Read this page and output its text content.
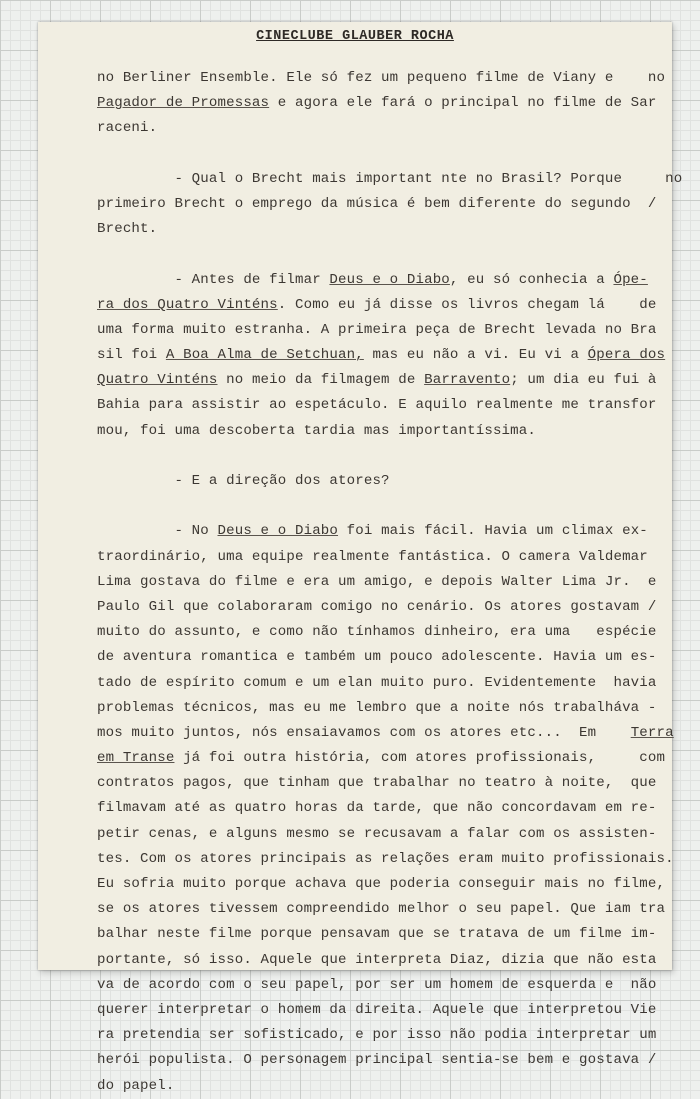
CINECLUBE GLAUBER ROCHA
no Berliner Ensemble. Ele só fez um pequeno filme de Viany e    no
Pagador de Promessas e agora ele fará o principal no filme de Sar
raceni.
- Qual o Brecht mais important nte no Brasil? Porque     no
primeiro Brecht o emprego da música é bem diferente do segundo  /
Brecht.
- Antes de filmar Deus e o Diabo, eu só conhecia a Ópe-
ra dos Quatro Vinténs. Como eu já disse os livros chegam lá    de
uma forma muito estranha. A primeira peça de Brecht levada no Bra
sil foi A Boa Alma de Setchuan, mas eu não a vi. Eu vi a Ópera dos
Quatro Vinténs no meio da filmagem de Barravento; um dia eu fui à
Bahia para assistir ao espetáculo. E aquilo realmente me transfor
mou, foi uma descoberta tardia mas importantíssima.
- E a direção dos atores?
- No Deus e o Diabo foi mais fácil. Havia um climax ex-
traordinário, uma equipe realmente fantástica. O camera Valdemar
Lima gostava do filme e era um amigo, e depois Walter Lima Jr.  e
Paulo Gil que colaboraram comigo no cenário. Os atores gostavam /
muito do assunto, e como não tínhamos dinheiro, era uma   espécie
de aventura romantica e também um pouco adolescente. Havia um es-
tado de espírito comum e um elan muito puro. Evidentemente  havia
problemas técnicos, mas eu me lembro que a noite nós trabalháva -
mos muito juntos, nós ensaiavamos com os atores etc...  Em    Terra
em Transe já foi outra história, com atores profissionais,     com
contratos pagos, que tinham que trabalhar no teatro à noite,  que
filmavam até as quatro horas da tarde, que não concordavam em re-
petir cenas, e alguns mesmo se recusavam a falar com os assisten-
tes. Com os atores principais as relações eram muito profissionais.
Eu sofria muito porque achava que poderia conseguir mais no filme,
se os atores tivessem compreendido melhor o seu papel. Que iam tra
balhar neste filme porque pensavam que se tratava de um filme im-
portante, só isso. Aquele que interpreta Diaz, dizia que não esta
va de acordo com o seu papel, por ser um homem de esquerda e  não
querer interpretar o homem da direita. Aquele que interpretou Vie
ra pretendia ser sofisticado, e por isso não podia interpretar um
herói populista. O personagem principal sentia-se bem e gostava /
do papel.
